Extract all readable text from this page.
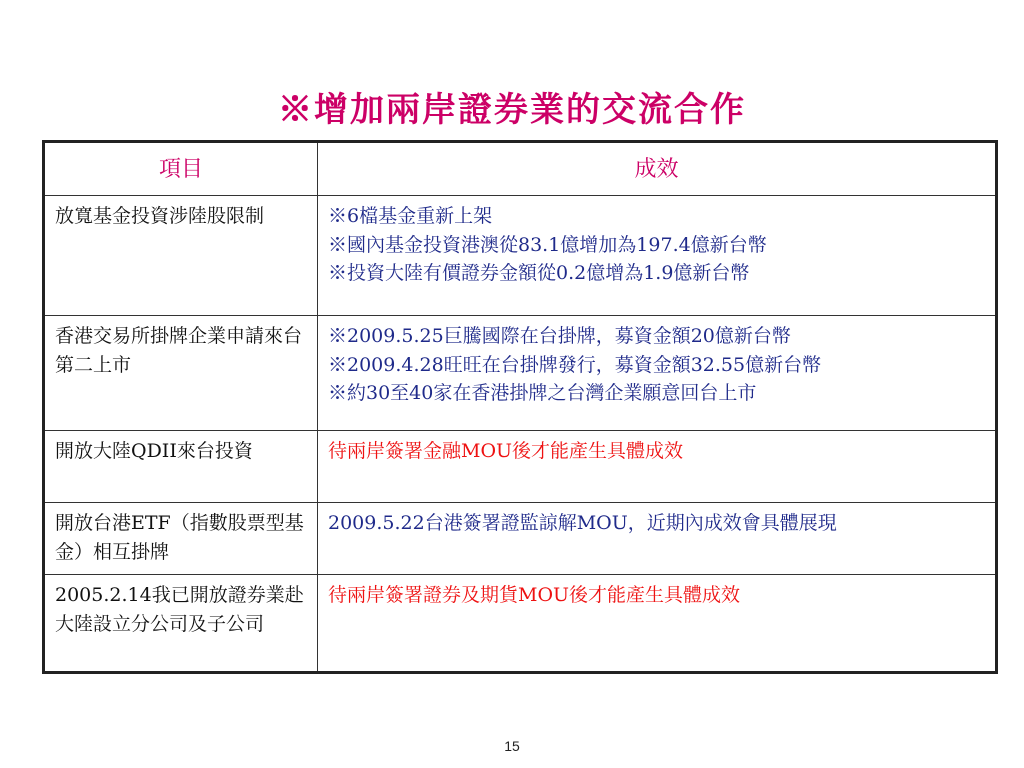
※增加兩岸證券業的交流合作
項目	成效
放寬基金投資涉陸股限制	※6檔基金重新上架
※國內基金投資港澳從83.1億增加為197.4億新台幣
※投資大陸有價證券金額從0.2億增為1.9億新台幣

香港交易所掛牌企業申請來台第二上市	※2009.5.25巨騰國際在台掛牌，募資金額20億新台幣
※2009.4.28旺旺在台掛牌發行，募資金額32.55億新台幣
※約30至40家在香港掛牌之台灣企業願意回台上市

開放大陸QDII來台投資	待兩岸簽署金融MOU後才能產生具體成效

開放台港ETF（指數股票型基金）相互掛牌	2009.5.22台港簽署證監諒解MOU，近期內成效會具體展現

2005.2.14我已開放證券業赴大陸設立分公司及子公司	待兩岸簽署證券及期貨MOU後才能產生具體成效
15
